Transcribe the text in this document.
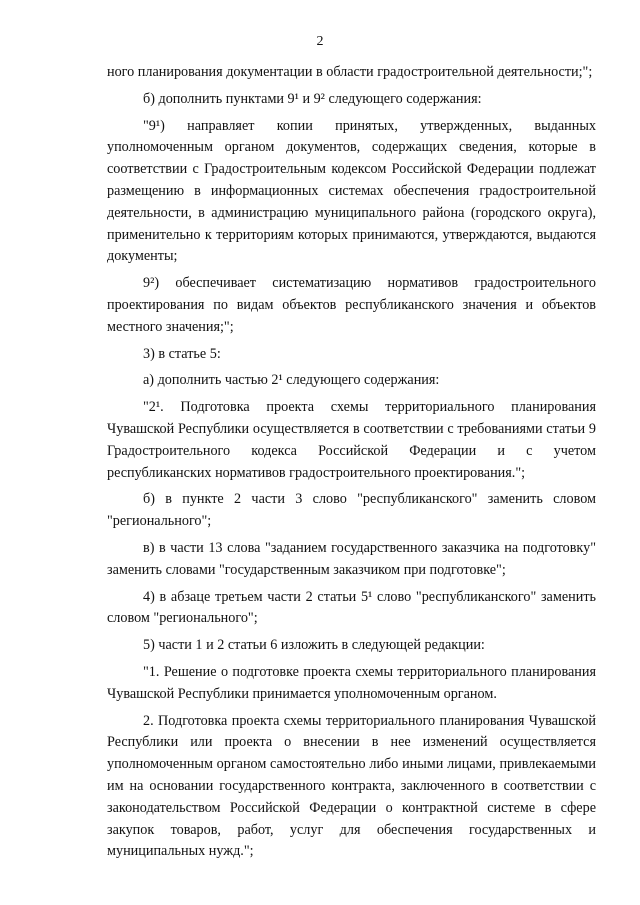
2

ного планирования документации в области градостроительной деятельности;";

б) дополнить пунктами 9¹ и 9² следующего содержания:

"9¹) направляет копии принятых, утвержденных, выданных уполномоченным органом документов, содержащих сведения, которые в соответствии с Градостроительным кодексом Российской Федерации подлежат размещению в информационных системах обеспечения градостроительной деятельности, в администрацию муниципального района (городского округа), применительно к территориям которых принимаются, утверждаются, выдаются документы;

9²) обеспечивает систематизацию нормативов градостроительного проектирования по видам объектов республиканского значения и объектов местного значения;";

3) в статье 5:

а) дополнить частью 2¹ следующего содержания:

"2¹. Подготовка проекта схемы территориального планирования Чувашской Республики осуществляется в соответствии с требованиями статьи 9 Градостроительного кодекса Российской Федерации и с учетом республиканских нормативов градостроительного проектирования.";

б) в пункте 2 части 3 слово "республиканского" заменить словом "регионального";

в) в части 13 слова "заданием государственного заказчика на подготовку" заменить словами "государственным заказчиком при подготовке";

4) в абзаце третьем части 2 статьи 5¹ слово "республиканского" заменить словом "регионального";

5) части 1 и 2 статьи 6 изложить в следующей редакции:

"1. Решение о подготовке проекта схемы территориального планирования Чувашской Республики принимается уполномоченным органом.

2. Подготовка проекта схемы территориального планирования Чувашской Республики или проекта о внесении в нее изменений осуществляется уполномоченным органом самостоятельно либо иными лицами, привлекаемыми им на основании государственного контракта, заключенного в соответствии с законодательством Российской Федерации о контрактной системе в сфере закупок товаров, работ, услуг для обеспечения государственных и муниципальных нужд.";
